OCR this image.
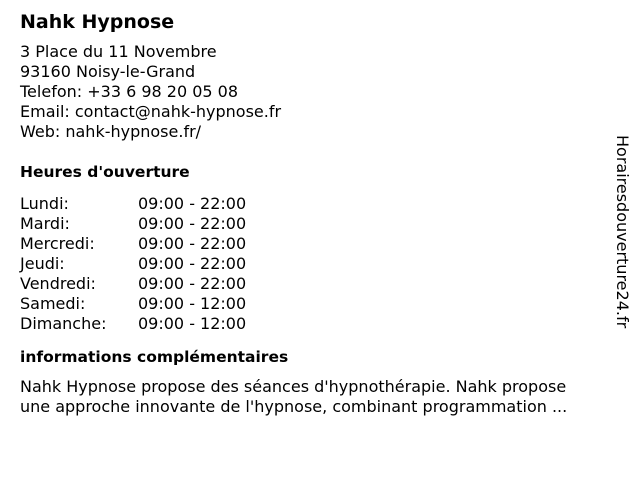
Nahk Hypnose
3 Place du 11 Novembre
93160 Noisy-le-Grand
Telefon: +33 6 98 20 05 08
Email: contact@nahk-hypnose.fr
Web: nahk-hypnose.fr/
Heures d'ouverture
Lundi:	09:00 - 22:00
Mardi:	09:00 - 22:00
Mercredi:	09:00 - 22:00
Jeudi:	09:00 - 22:00
Vendredi:	09:00 - 22:00
Samedi:	09:00 - 12:00
Dimanche:	09:00 - 12:00
informations complémentaires
Nahk Hypnose propose des séances d'hypnothérapie. Nahk propose
une approche innovante de l'hypnose, combinant programmation ...
Horairesdouverture24.fr
